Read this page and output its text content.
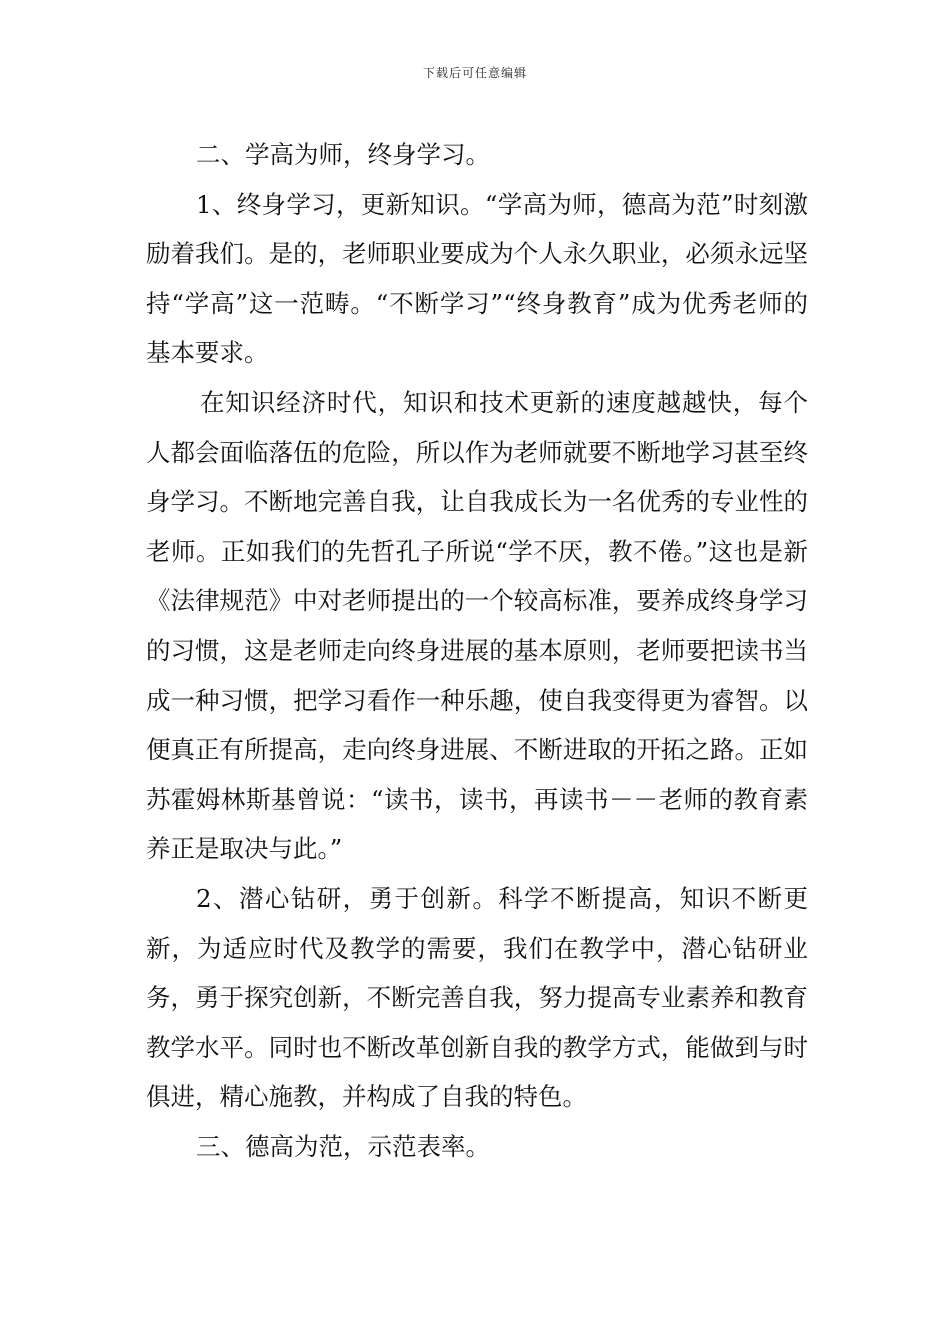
下载后可任意编辑

二、学高为师，终身学习。

1、终身学习，更新知识。“学高为师，德高为范”时刻激励着我们。是的，老师职业要成为个人永久职业，必须永远坚持“学高”这一范畴。“不断学习”“终身教育”成为优秀老师的基本要求。

在知识经济时代，知识和技术更新的速度越越快，每个人都会面临落伍的危险，所以作为老师就要不断地学习甚至终身学习。不断地完善自我，让自我成长为一名优秀的专业性的老师。正如我们的先哲孔子所说“学不厌，教不倦。”这也是新《法律规范》中对老师提出的一个较高标准，要养成终身学习的习惯，这是老师走向终身进展的基本原则，老师要把读书当成一种习惯，把学习看作一种乐趣，使自我变得更为睿智。以便真正有所提高，走向终身进展、不断进取的开拓之路。正如苏霍姆林斯基曾说：“读书，读书，再读书－－老师的教育素养正是取决与此。”

2、潜心钻研，勇于创新。科学不断提高，知识不断更新，为适应时代及教学的需要，我们在教学中，潜心钻研业务，勇于探究创新，不断完善自我，努力提高专业素养和教育教学水平。同时也不断改革创新自我的教学方式，能做到与时俱进，精心施教，并构成了自我的特色。

三、德高为范，示范表率。
